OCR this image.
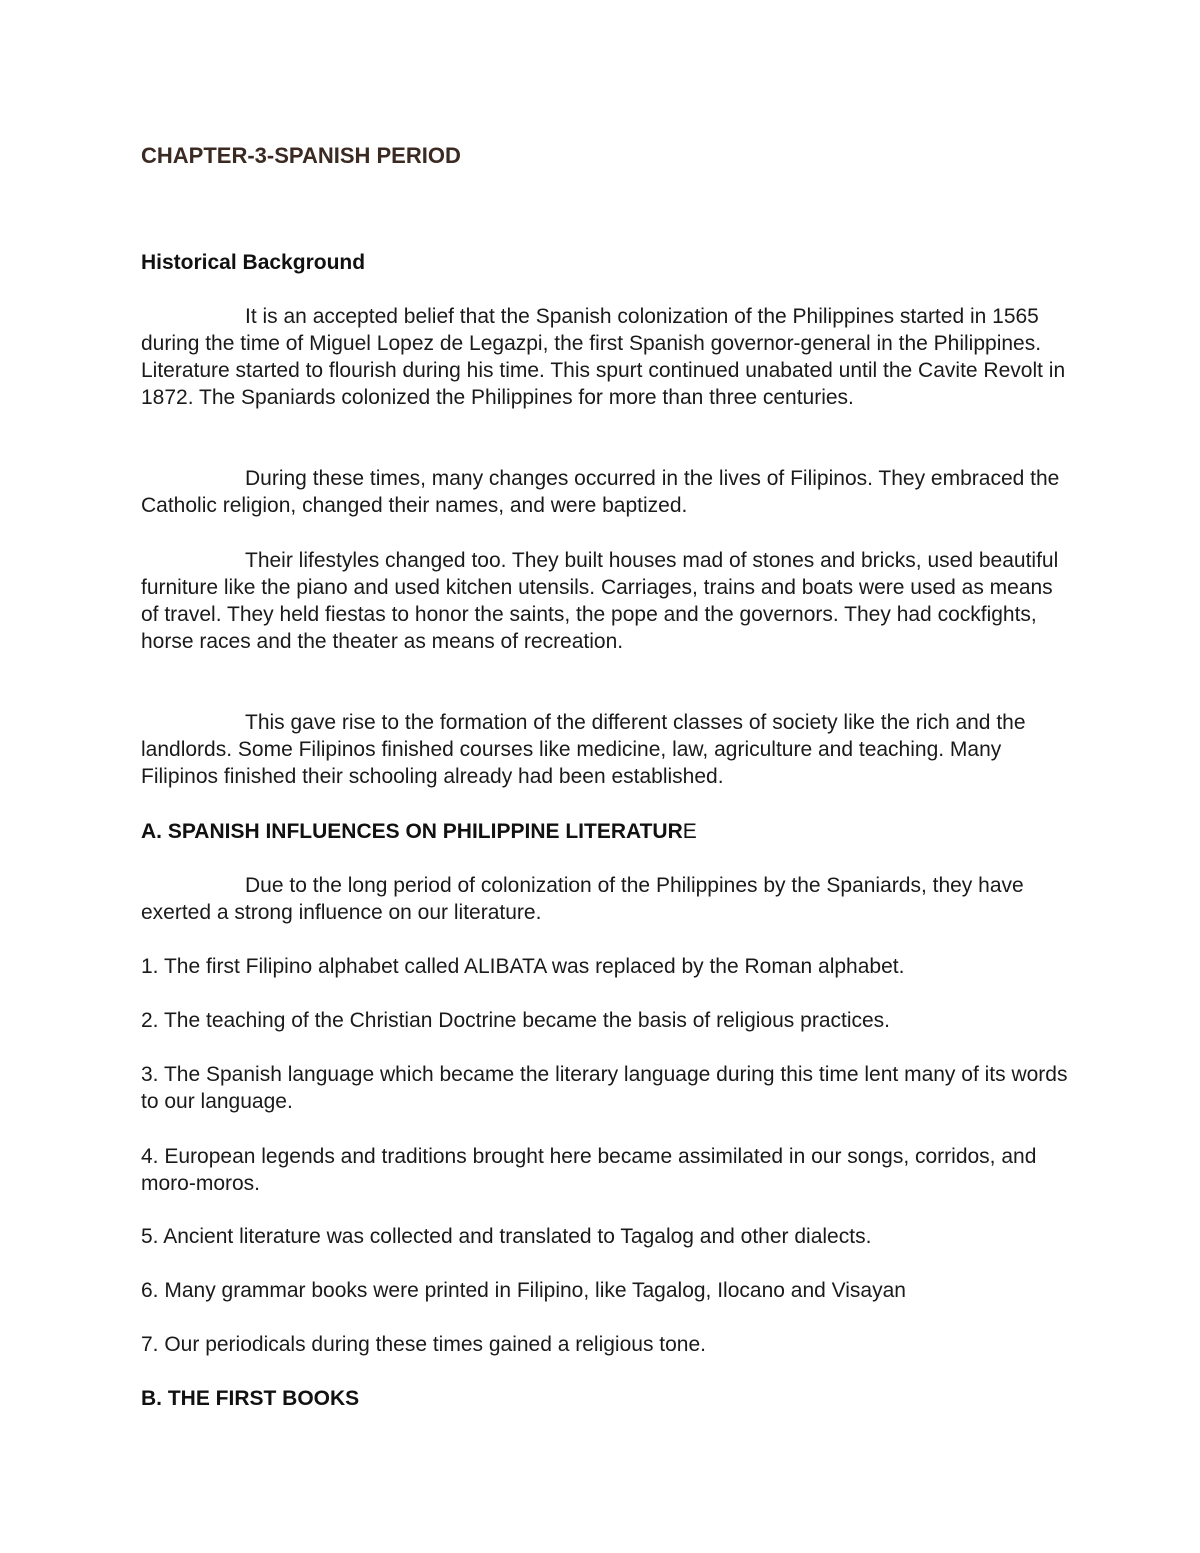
CHAPTER-3-SPANISH PERIOD

Historical Background

It is an accepted belief that the Spanish colonization of the Philippines started in 1565 during the time of Miguel Lopez de Legazpi, the first Spanish governor-general in the Philippines. Literature started to flourish during his time. This spurt continued unabated until the Cavite Revolt in 1872. The Spaniards colonized the Philippines for more than three centuries.

During these times, many changes occurred in the lives of Filipinos. They embraced the Catholic religion, changed their names, and were baptized.

Their lifestyles changed too. They built houses mad of stones and bricks, used beautiful furniture like the piano and used kitchen utensils. Carriages, trains and boats were used as means of travel. They held fiestas to honor the saints, the pope and the governors. They had cockfights, horse races and the theater as means of recreation.

This gave rise to the formation of the different classes of society like the rich and the landlords. Some Filipinos finished courses like medicine, law, agriculture and teaching. Many Filipinos finished their schooling already had been established.

A. SPANISH INFLUENCES ON PHILIPPINE LITERATURE

Due to the long period of colonization of the Philippines by the Spaniards, they have exerted a strong influence on our literature.

1. The first Filipino alphabet called ALIBATA was replaced by the Roman alphabet.

2. The teaching of the Christian Doctrine became the basis of religious practices.

3. The Spanish language which became the literary language during this time lent many of its words to our language.

4. European legends and traditions brought here became assimilated in our songs, corridos, and moro-moros.

5. Ancient literature was collected and translated to Tagalog and other dialects.

6. Many grammar books were printed in Filipino, like Tagalog, Ilocano and Visayan

7. Our periodicals during these times gained a religious tone.

B. THE FIRST BOOKS
